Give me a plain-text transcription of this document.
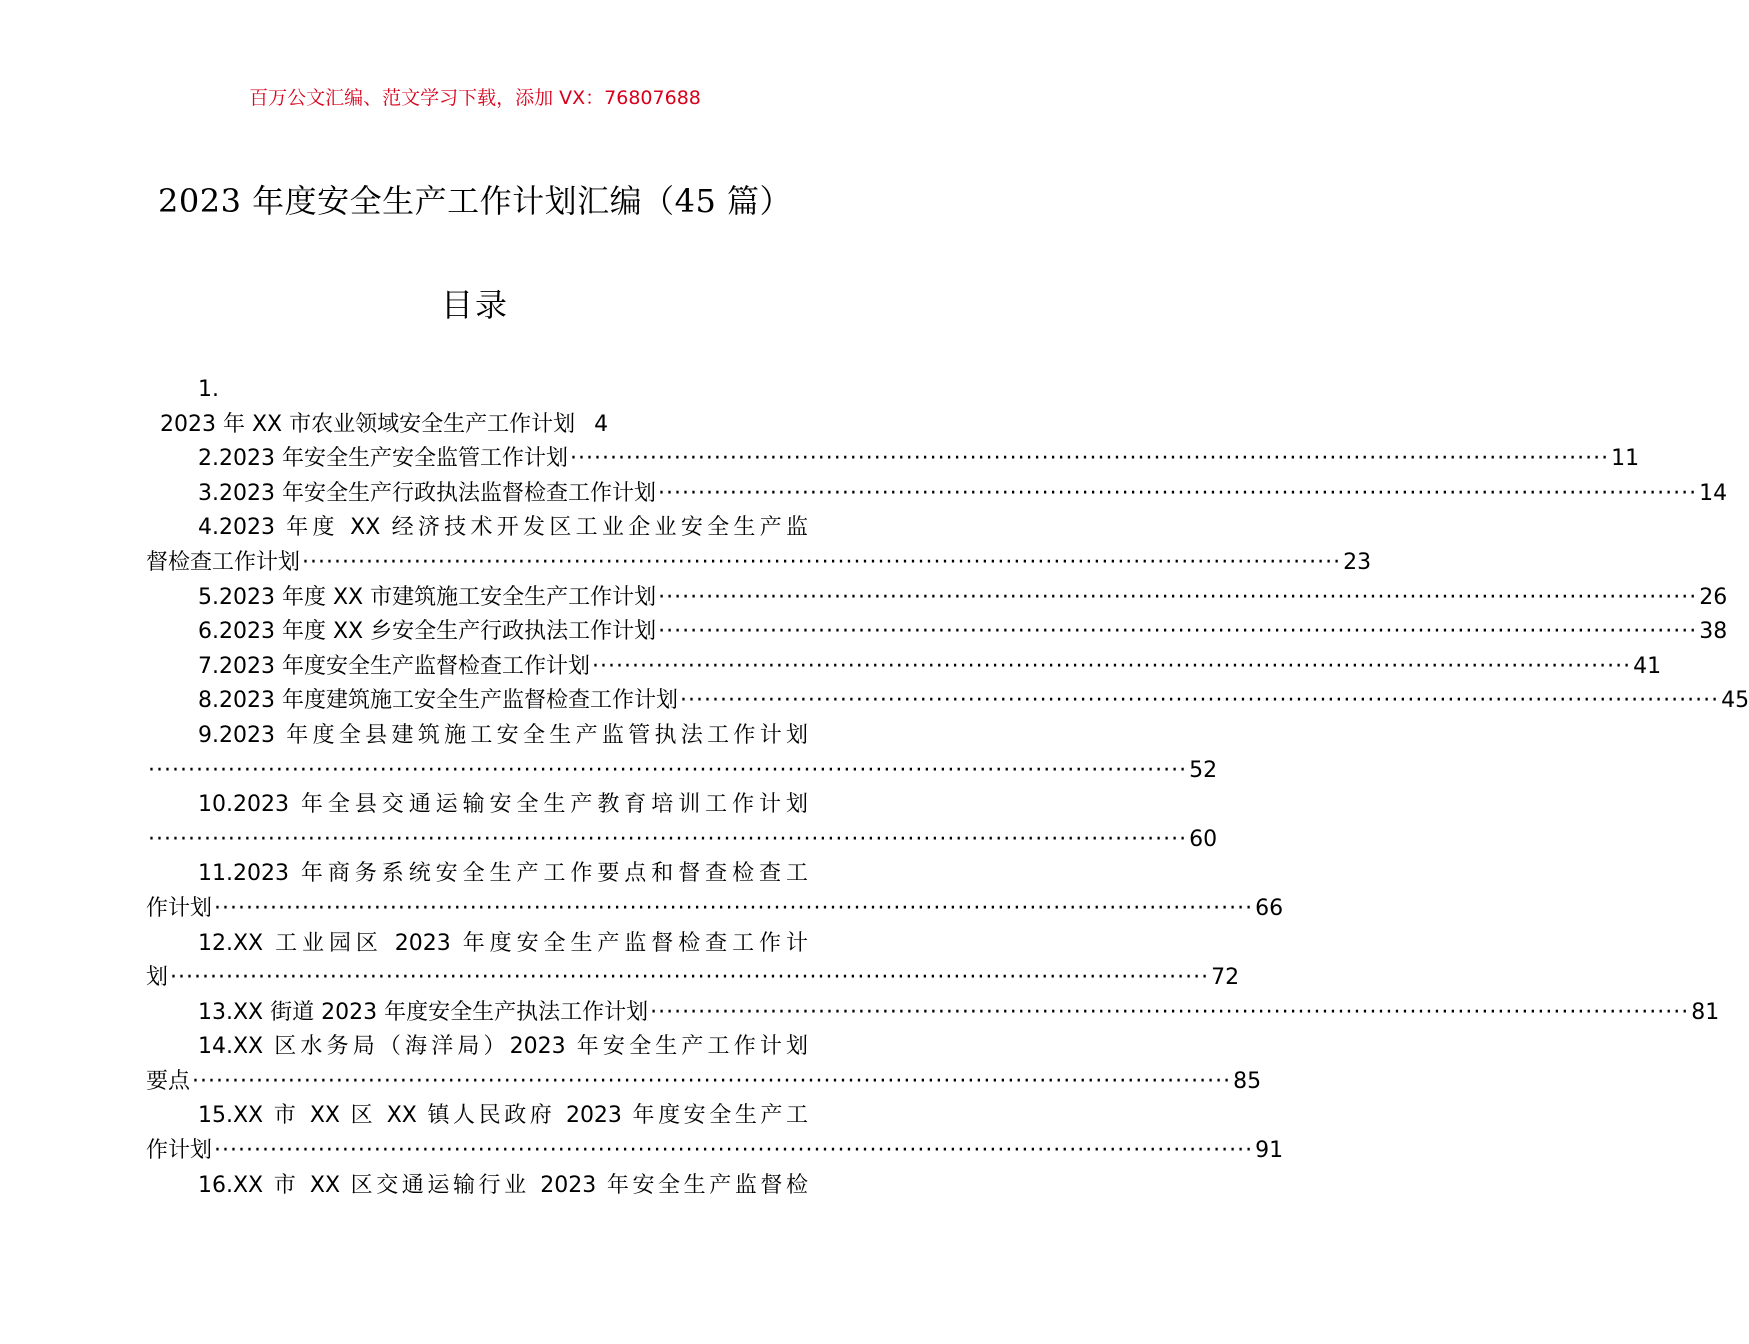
百万公文汇编、范文学习下载，添加 VX：76807688
2023 年度安全生产工作计划汇编（45 篇）
目录
1.
2023 年 XX 市农业领域安全生产工作计划 4
2.2023 年安全生产安全监管工作计划 ·································································································································· 11
3.2023 年安全生产行政执法监督检查工作计划 ·································································································································· 14
4.2023 年度 XX 经济技术开发区工业企业安全生产监
督检查工作计划 ·································································································································· 23
5.2023 年度 XX 市建筑施工安全生产工作计划 ·································································································································· 26
6.2023 年度 XX 乡安全生产行政执法工作计划 ·································································································································· 38
7.2023 年度安全生产监督检查工作计划 ·································································································································· 41
8.2023 年度建筑施工安全生产监督检查工作计划 ·································································································································· 45
9.2023 年度全县建筑施工安全生产监管执法工作计划
·································································································································· 52
10.2023 年全县交通运输安全生产教育培训工作计划
·································································································································· 60
11.2023 年商务系统安全生产工作要点和督查检查工
作计划 ·································································································································· 66
12.XX 工业园区 2023 年度安全生产监督检查工作计
划 ·································································································································· 72
13.XX 街道 2023 年度安全生产执法工作计划 ·································································································································· 81
14.XX 区水务局（海洋局）2023 年安全生产工作计划
要点 ·································································································································· 85
15.XX 市 XX 区 XX 镇人民政府 2023 年度安全生产工
作计划 ·································································································································· 91
16.XX 市 XX 区交通运输行业 2023 年安全生产监督检
